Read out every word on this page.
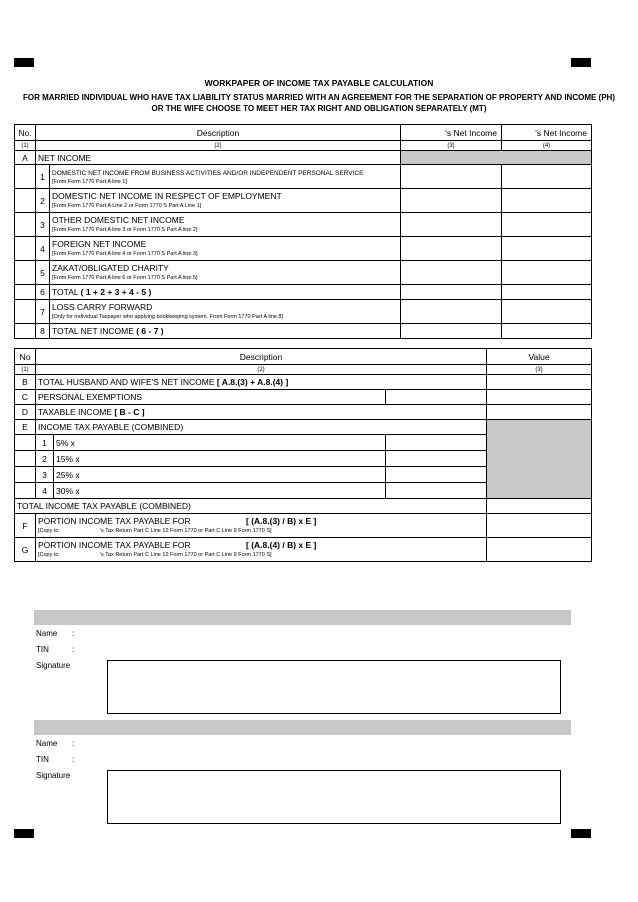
WORKPAPER OF INCOME TAX PAYABLE CALCULATION
FOR MARRIED INDIVIDUAL WHO HAVE TAX LIABILITY STATUS MARRIED WITH AN AGREEMENT FOR THE SEPARATION OF PROPERTY AND INCOME (PH) OR THE WIFE CHOOSE TO MEET HER TAX RIGHT AND OBLIGATION SEPARATELY (MT)
No.	Description		's Net Income	's Net Income
(1)	(2)		(3)	(4)
A	NET INCOME			
	1	DOMESTIC NET INCOME FROM BUSINESS ACTIVITIES AND/OR INDEPENDENT PERSONAL SERVICE
[From Form 1770 Part A line 1]		

	2	DOMESTIC NET INCOME IN RESPECT OF EMPLOYMENT
[From Form 1770 Part A Line 2 or Form 1770 S Part A Line 1]		

	3	OTHER DOMESTIC NET INCOME
[From Form 1770 Part A line 3 or Form 1770 S Part A line 2]		

	4	FOREIGN NET INCOME
[From Form 1770 Part A line 4 or Form 1770 S Part A line 3]		

	5	ZAKAT/OBLIGATED CHARITY
[From Form 1770 Part A line 6 or Form 1770 S Part A line 5]		

	6	TOTAL ( 1 + 2 + 3 + 4 - 5 )		
	7	LOSS CARRY FORWARD
[Only for Individual Taxpayer who applying bookkeeping system. From Form 1770 Part A line 8]		

	8	TOTAL NET INCOME ( 6 - 7 )		
No	Description			Value
(1)	(2)			(3)
B	TOTAL HUSBAND AND WIFE'S NET INCOME [ A.8.(3) + A.8.(4) ]			
C	PERSONAL EXEMPTIONS			
D	TAXABLE INCOME [ B - C ]			
E	INCOME TAX PAYABLE (COMBINED)			
	1	5% x		
	2	15% x		
	3	25% x		
	4	30% x		
TOTAL INCOME TAX PAYABLE (COMBINED)				
F	PORTION INCOME TAX PAYABLE FOR [ (A.8.(3) / B) x E ]
[Copy to 's Tax Return Part C Line 12 Form 1770 or Part C Line 9 Form 1770 S]			

G	PORTION INCOME TAX PAYABLE FOR [ (A.8.(4) / B) x E ]
[Copy to 's Tax Return Part C Line 12 Form 1770 or Part C Line 9 Form 1770 S]			

Name :
TIN	:
Signature
Name :
TIN	:
Signature
